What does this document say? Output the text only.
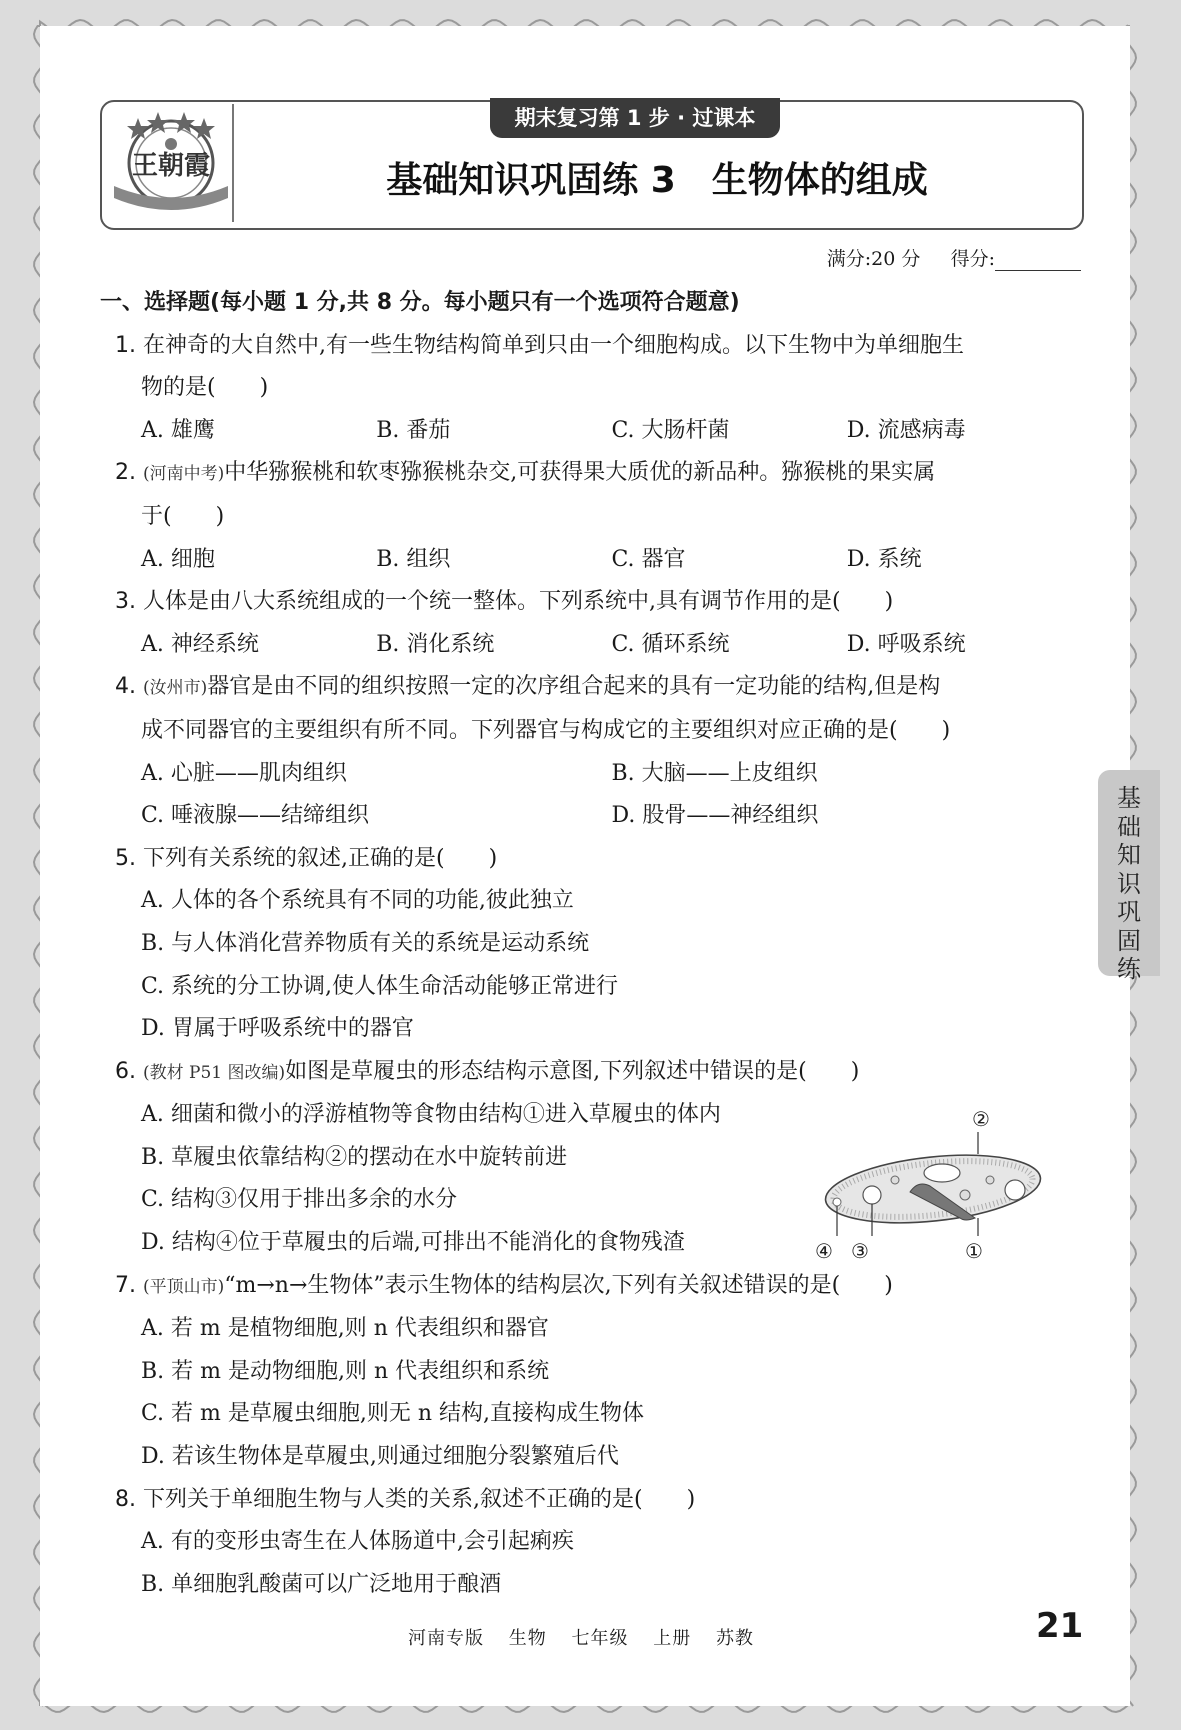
王朝霞
期末复习第 1 步 · 过课本
基础知识巩固练 3　生物体的组成
满分:20 分 得分:
一、选择题(每小题 1 分,共 8 分。每小题只有一个选项符合题意)
1. 在神奇的大自然中,有一些生物结构简单到只由一个细胞构成。以下生物中为单细胞生
物的是(　　)
A. 雄鹰	B. 番茄	C. 大肠杆菌	D. 流感病毒
2. (河南中考)中华猕猴桃和软枣猕猴桃杂交,可获得果大质优的新品种。猕猴桃的果实属
于(　　)
A. 细胞	B. 组织	C. 器官	D. 系统
3. 人体是由八大系统组成的一个统一整体。下列系统中,具有调节作用的是(　　)
A. 神经系统	B. 消化系统	C. 循环系统	D. 呼吸系统
4. (汝州市)器官是由不同的组织按照一定的次序组合起来的具有一定功能的结构,但是构
成不同器官的主要组织有所不同。下列器官与构成它的主要组织对应正确的是(　　)
A. 心脏——肌肉组织	B. 大脑——上皮组织
C. 唾液腺——结缔组织	D. 股骨——神经组织
5. 下列有关系统的叙述,正确的是(　　)
A. 人体的各个系统具有不同的功能,彼此独立
B. 与人体消化营养物质有关的系统是运动系统
C. 系统的分工协调,使人体生命活动能够正常进行
D. 胃属于呼吸系统中的器官
6. (教材 P51 图改编)如图是草履虫的形态结构示意图,下列叙述中错误的是(　　)
A. 细菌和微小的浮游植物等食物由结构①进入草履虫的体内
B. 草履虫依靠结构②的摆动在水中旋转前进
C. 结构③仅用于排出多余的水分
D. 结构④位于草履虫的后端,可排出不能消化的食物残渣
7. (平顶山市)“m→n→生物体”表示生物体的结构层次,下列有关叙述错误的是(　　)
A. 若 m 是植物细胞,则 n 代表组织和器官
B. 若 m 是动物细胞,则 n 代表组织和系统
C. 若 m 是草履虫细胞,则无 n 结构,直接构成生物体
D. 若该生物体是草履虫,则通过细胞分裂繁殖后代
8. 下列关于单细胞生物与人类的关系,叙述不正确的是(　　)
A. 有的变形虫寄生在人体肠道中,会引起痢疾
B. 单细胞乳酸菌可以广泛地用于酿酒
②
④ ③	①
基
础
知
识
巩
固
练
河南专版 生物 七年级 上册 苏教	21
